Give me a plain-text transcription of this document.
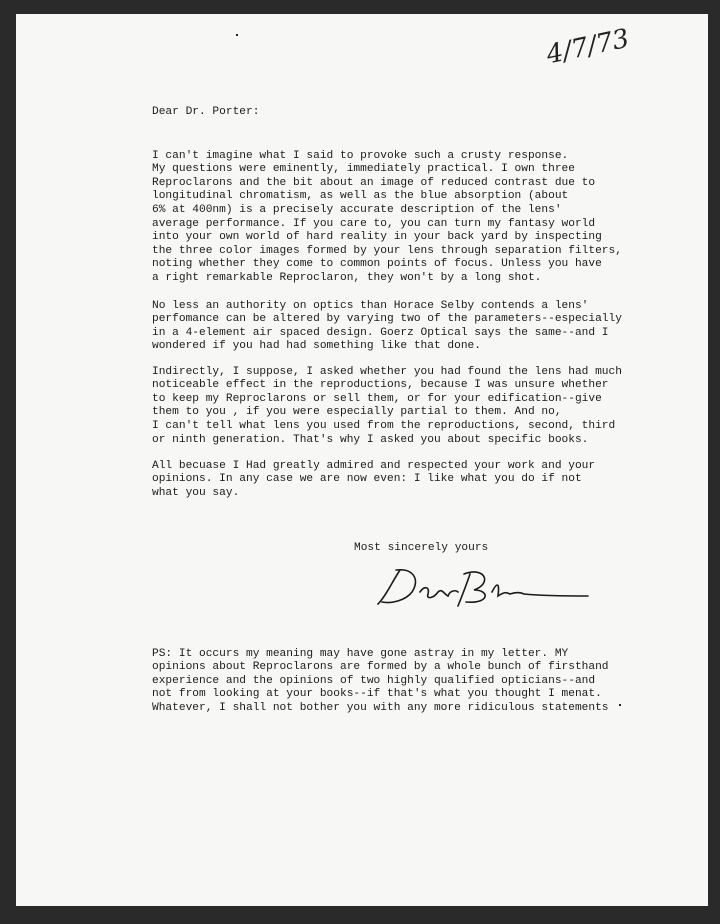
4/7/73
Dear Dr. Porter:

I can't imagine what I said to provoke such a crusty response.
My questions were eminently, immediately practical. I own three
Reproclarons and the bit about an image of reduced contrast due to
longitudinal chromatism, as well as the blue absorption (about
6% at 400nm) is a precisely accurate description of the lens'
average performance. If you care to, you can turn my fantasy world
into your own world of hard reality in your back yard by inspecting
the three color images formed by your lens through separation filters,
noting whether they come to common points of focus. Unless you have
a right remarkable Reproclaron, they won't by a long shot.

No less an authority on optics than Horace Selby contends a lens'
perfomance can be altered by varying two of the parameters--especially
in a 4-element air spaced design. Goerz Optical says the same--and I
wondered if you had had something like that done.

Indirectly, I suppose, I asked whether you had found the lens had much
noticeable effect in the reproductions, because I was unsure whether
to keep my Reproclarons or sell them, or for your edification--give
them to you , if you were especially partial to them. And no,
I can't tell what lens you used from the reproductions, second, third
or ninth generation. That's why I asked you about specific books.

All becuase I Had greatly admired and respected your work and your
opinions. In any case we are now even: I like what you do if not
what you say.
Most sincerely yours

PS: It occurs my meaning may have gone astray in my letter. MY
opinions about Reproclarons are formed by a whole bunch of firsthand
experience and the opinions of two highly qualified opticians--and
not from looking at your books--if that's what you thought I menat.
Whatever, I shall not bother you with any more ridiculous statements
